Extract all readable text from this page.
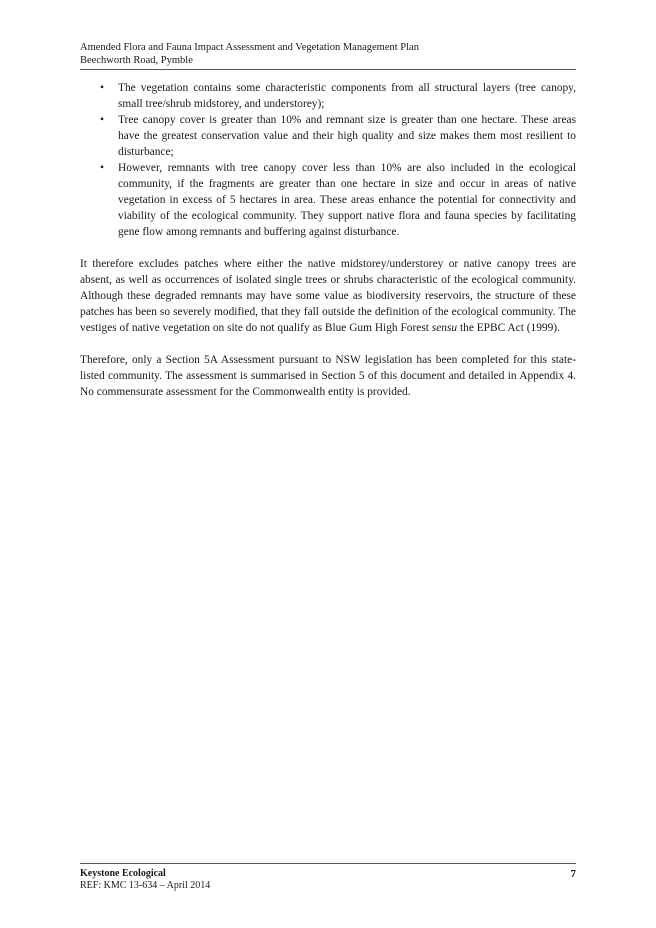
Amended Flora and Fauna Impact Assessment and Vegetation Management Plan
Beechworth Road, Pymble
• The vegetation contains some characteristic components from all structural layers (tree canopy, small tree/shrub midstorey, and understorey);
• Tree canopy cover is greater than 10% and remnant size is greater than one hectare. These areas have the greatest conservation value and their high quality and size makes them most resilient to disturbance;
• However, remnants with tree canopy cover less than 10% are also included in the ecological community, if the fragments are greater than one hectare in size and occur in areas of native vegetation in excess of 5 hectares in area. These areas enhance the potential for connectivity and viability of the ecological community. They support native flora and fauna species by facilitating gene flow among remnants and buffering against disturbance.

It therefore excludes patches where either the native midstorey/understorey or native canopy trees are absent, as well as occurrences of isolated single trees or shrubs characteristic of the ecological community. Although these degraded remnants may have some value as biodiversity reservoirs, the structure of these patches has been so severely modified, that they fall outside the definition of the ecological community. The vestiges of native vegetation on site do not qualify as Blue Gum High Forest sensu the EPBC Act (1999).

Therefore, only a Section 5A Assessment pursuant to NSW legislation has been completed for this state-listed community. The assessment is summarised in Section 5 of this document and detailed in Appendix 4. No commensurate assessment for the Commonwealth entity is provided.

Keystone Ecological
REF: KMC 13-634 – April 2014
7
